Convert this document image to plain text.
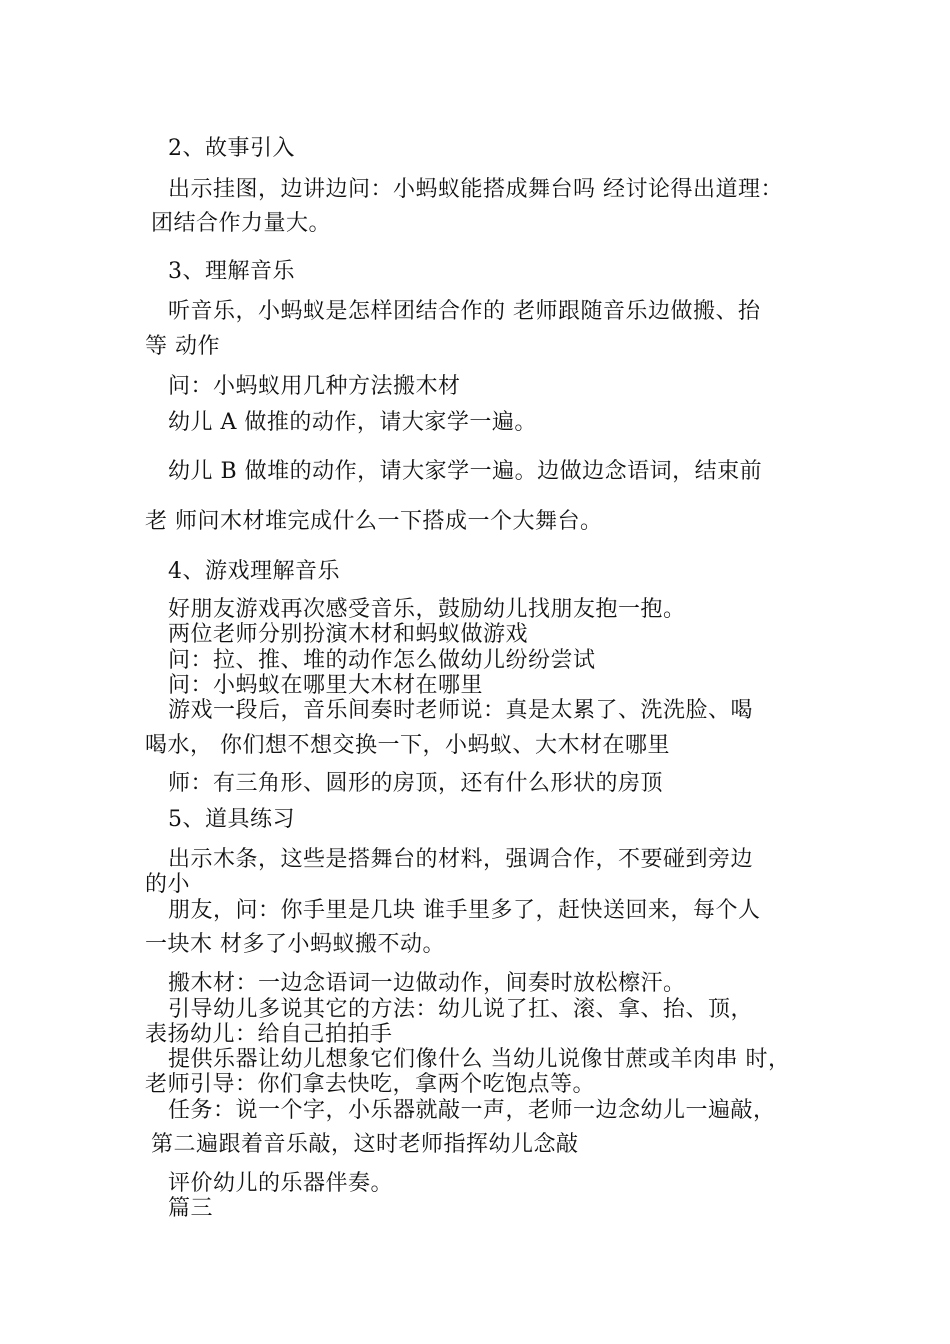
2、故事引入
出示挂图，边讲边问：小蚂蚁能搭成舞台吗 经讨论得出道理：
团结合作力量大。
3、理解音乐
听音乐，小蚂蚁是怎样团结合作的 老师跟随音乐边做搬、抬
等 动作
问：小蚂蚁用几种方法搬木材
幼儿 A 做推的动作，请大家学一遍。
幼儿 B 做堆的动作，请大家学一遍。边做边念语词，结束前
老 师问木材堆完成什么一下搭成一个大舞台。
4、游戏理解音乐
好朋友游戏再次感受音乐，鼓励幼儿找朋友抱一抱。
两位老师分别扮演木材和蚂蚁做游戏
问：拉、推、堆的动作怎么做幼儿纷纷尝试
问：小蚂蚁在哪里大木材在哪里
游戏一段后，音乐间奏时老师说：真是太累了、洗洗脸、喝
喝水， 你们想不想交换一下，小蚂蚁、大木材在哪里
师：有三角形、圆形的房顶，还有什么形状的房顶
5、道具练习
出示木条，这些是搭舞台的材料，强调合作，不要碰到旁边
的小
朋友，问：你手里是几块 谁手里多了，赶快送回来，每个人
一块木 材多了小蚂蚁搬不动。
搬木材：一边念语词一边做动作，间奏时放松檫汗。
引导幼儿多说其它的方法：幼儿说了扛、滚、拿、抬、顶，
表扬幼儿：给自己拍拍手
提供乐器让幼儿想象它们像什么 当幼儿说像甘蔗或羊肉串 时，
老师引导：你们拿去快吃，拿两个吃饱点等。
任务：说一个字，小乐器就敲一声，老师一边念幼儿一遍敲，
第二遍跟着音乐敲，这时老师指挥幼儿念敲
评价幼儿的乐器伴奏。
篇三
